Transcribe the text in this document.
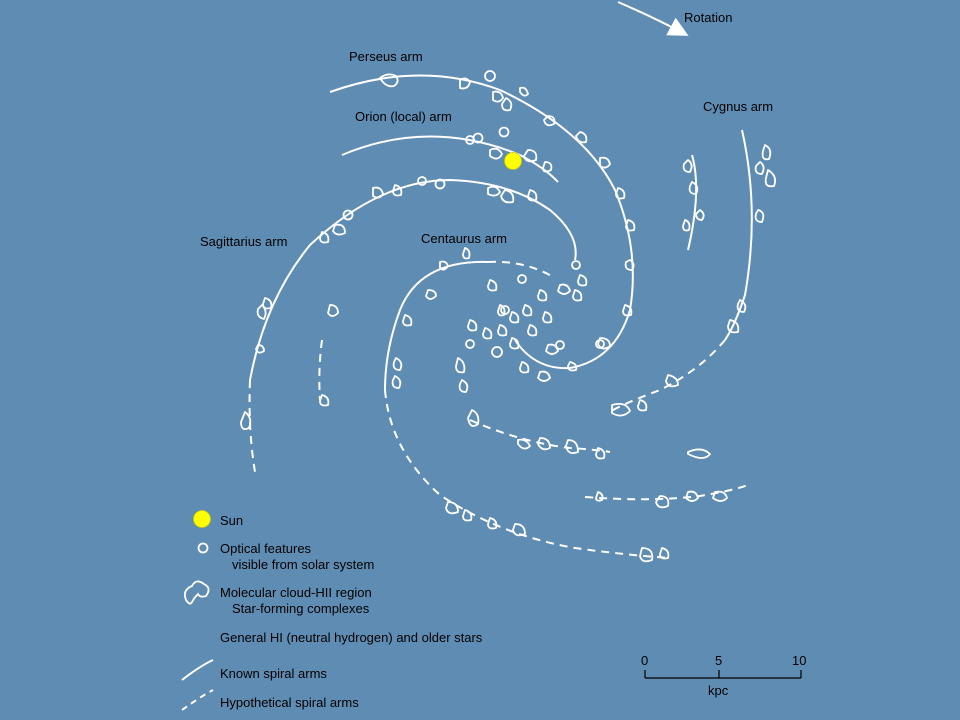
Rotation
Perseus arm
Orion (local) arm
Cygnus arm
Sagittarius arm	Centaurus arm
Sun
Optical features
visible from solar system
Molecular cloud-HII region
Star-forming complexes
General HI (neutral hydrogen) and older stars
Known spiral arms
Hypothetical spiral arms
0	5	10
kpc
